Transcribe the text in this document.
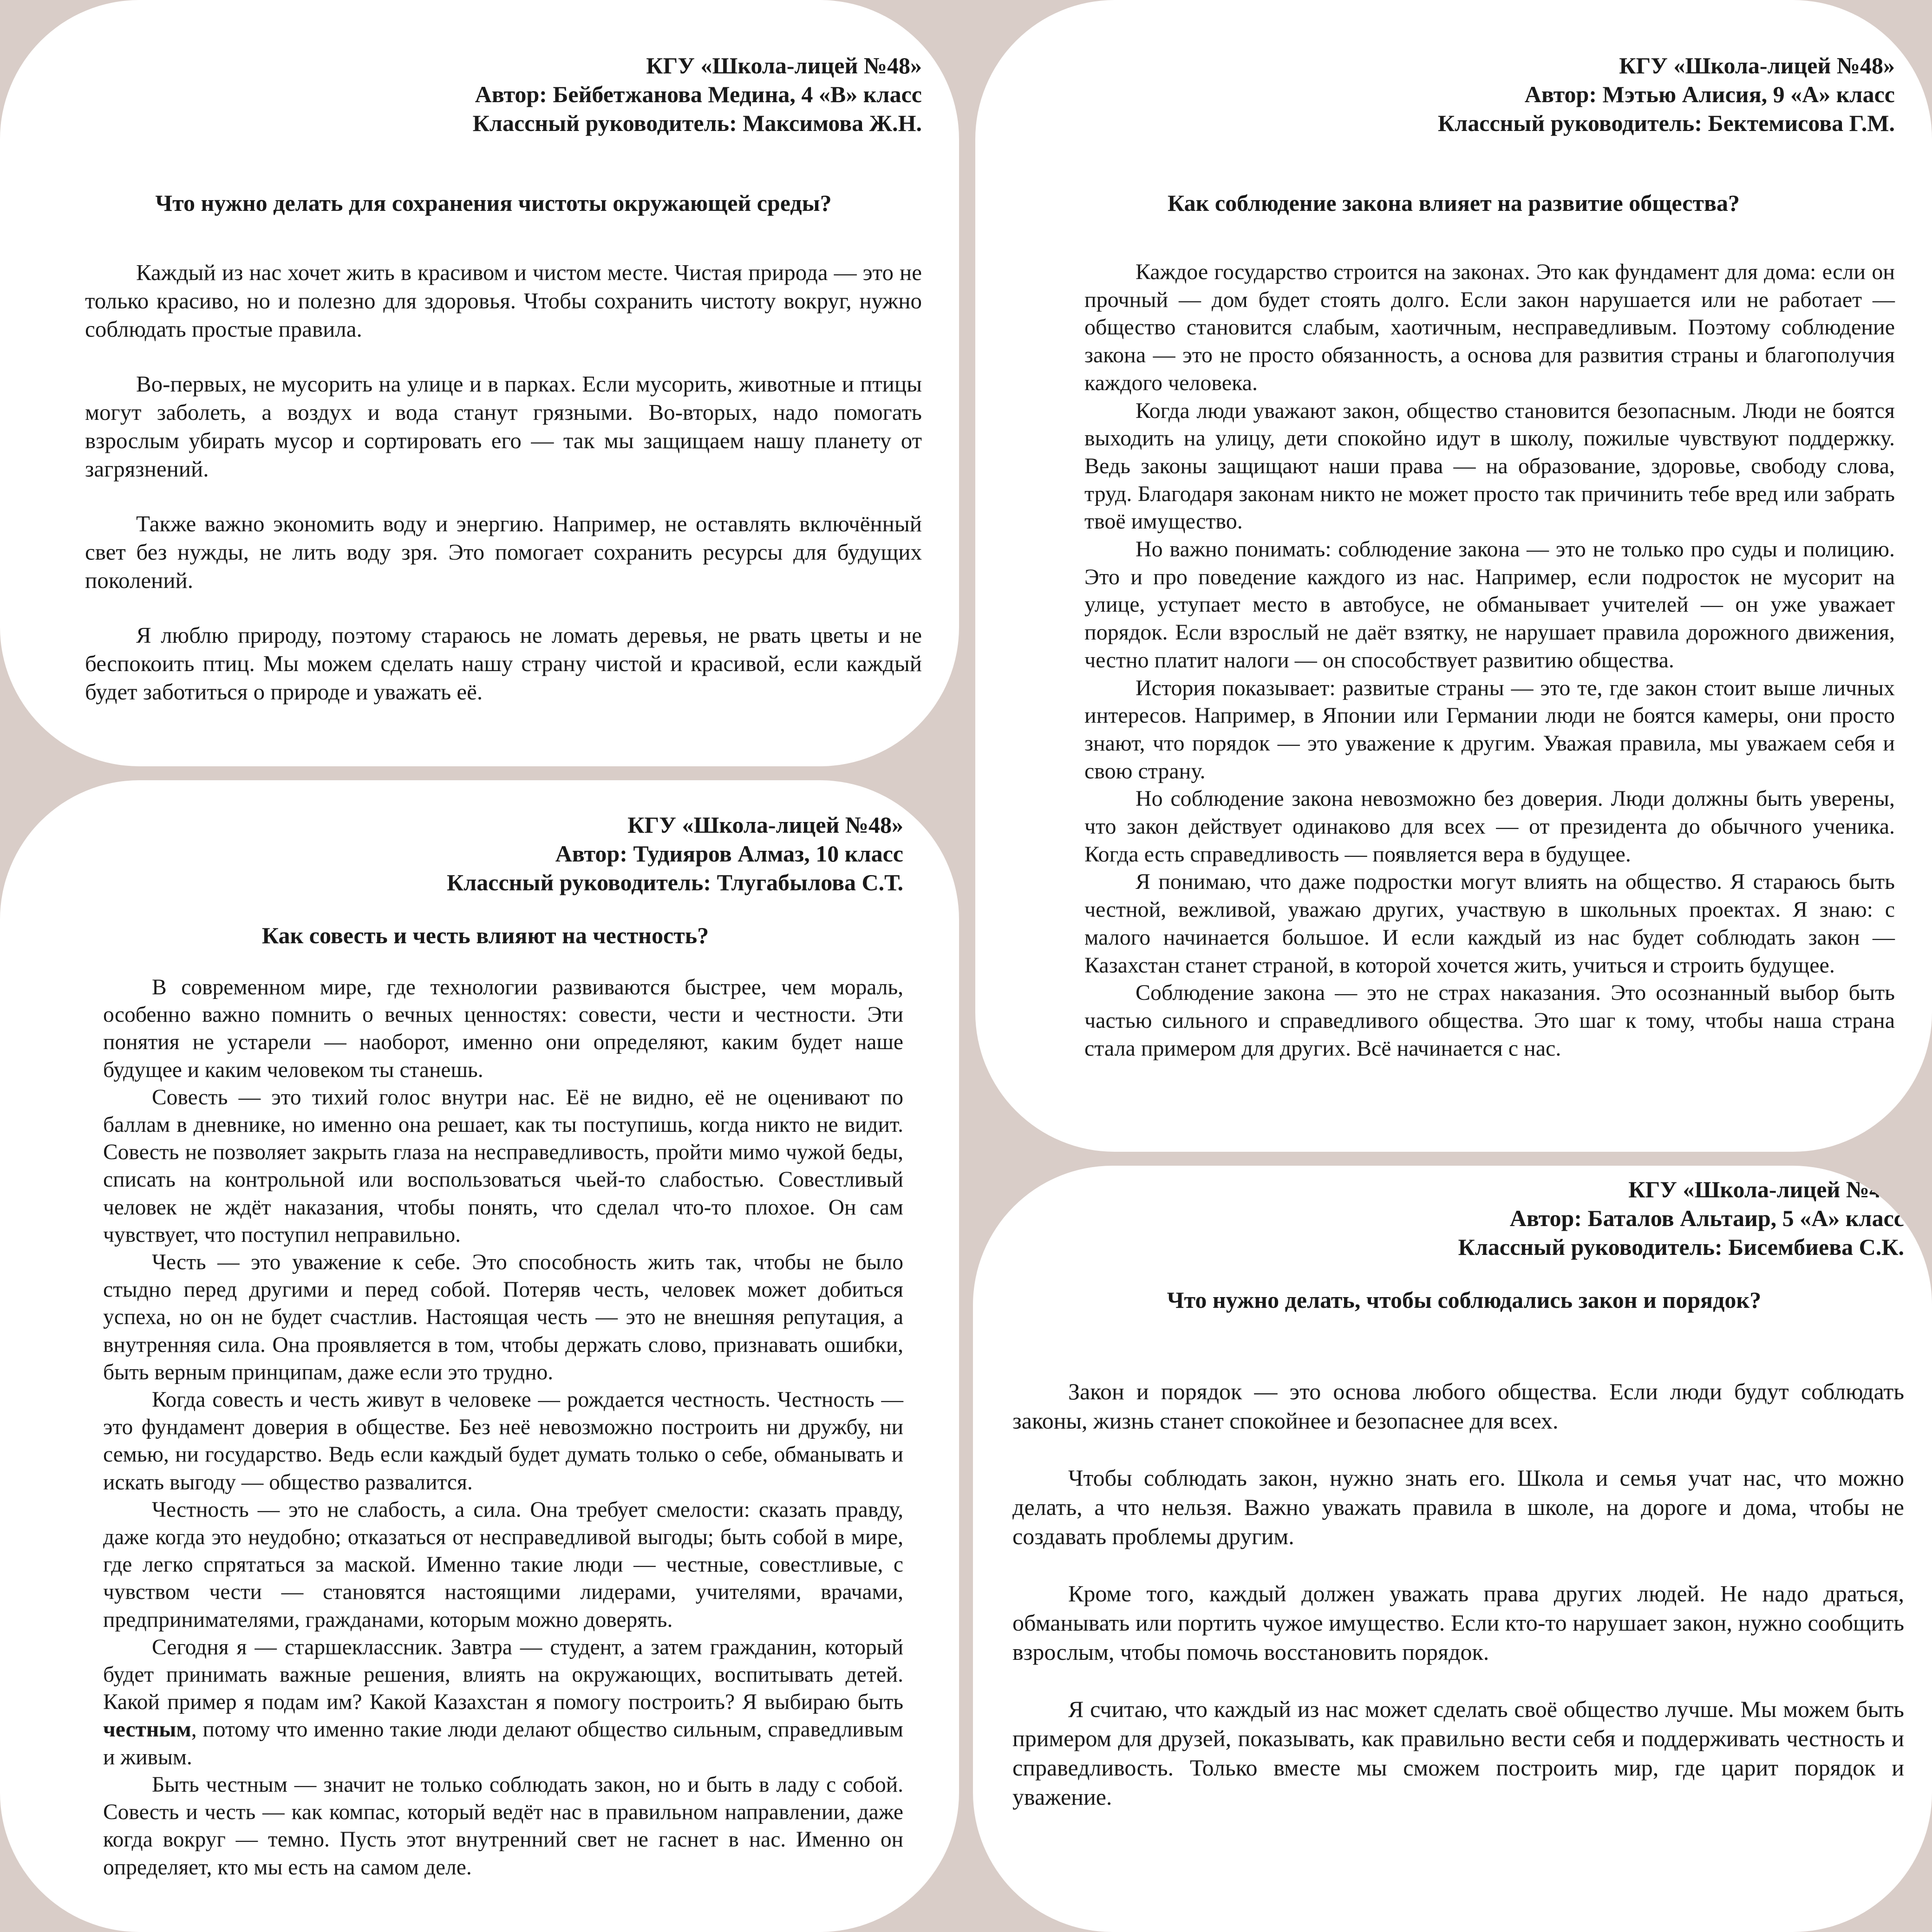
КГУ «Школа-лицей №48»
Автор: Бейбетжанова Медина, 4 «В» класс
Классный руководитель: Максимова Ж.Н.
Что нужно делать для сохранения чистоты окружающей среды?

Каждый из нас хочет жить в красивом и чистом месте. Чистая природа — это не только красиво, но и полезно для здоровья. Чтобы сохранить чистоту вокруг, нужно соблюдать простые правила.

Во-первых, не мусорить на улице и в парках. Если мусорить, животные и птицы могут заболеть, а воздух и вода станут грязными. Во-вторых, надо помогать взрослым убирать мусор и сортировать его — так мы защищаем нашу планету от загрязнений.

Также важно экономить воду и энергию. Например, не оставлять включённый свет без нужды, не лить воду зря. Это помогает сохранить ресурсы для будущих поколений.

Я люблю природу, поэтому стараюсь не ломать деревья, не рвать цветы и не беспокоить птиц. Мы можем сделать нашу страну чистой и красивой, если каждый будет заботиться о природе и уважать её.

КГУ «Школа-лицей №48»
Автор: Мэтью Алисия, 9 «А» класс
Классный руководитель: Бектемисова Г.М.
Как соблюдение закона влияет на развитие общества?

Каждое государство строится на законах. Это как фундамент для дома: если он прочный — дом будет стоять долго. Если закон нарушается или не работает — общество становится слабым, хаотичным, несправедливым. Поэтому соблюдение закона — это не просто обязанность, а основа для развития страны и благополучия каждого человека.

Когда люди уважают закон, общество становится безопасным. Люди не боятся выходить на улицу, дети спокойно идут в школу, пожилые чувствуют поддержку. Ведь законы защищают наши права — на образование, здоровье, свободу слова, труд. Благодаря законам никто не может просто так причинить тебе вред или забрать твоё имущество.

Но важно понимать: соблюдение закона — это не только про суды и полицию. Это и про поведение каждого из нас. Например, если подросток не мусорит на улице, уступает место в автобусе, не обманывает учителей — он уже уважает порядок. Если взрослый не даёт взятку, не нарушает правила дорожного движения, честно платит налоги — он способствует развитию общества.

История показывает: развитые страны — это те, где закон стоит выше личных интересов. Например, в Японии или Германии люди не боятся камеры, они просто знают, что порядок — это уважение к другим. Уважая правила, мы уважаем себя и свою страну.

Но соблюдение закона невозможно без доверия. Люди должны быть уверены, что закон действует одинаково для всех — от президента до обычного ученика. Когда есть справедливость — появляется вера в будущее.

Я понимаю, что даже подростки могут влиять на общество. Я стараюсь быть честной, вежливой, уважаю других, участвую в школьных проектах. Я знаю: с малого начинается большое. И если каждый из нас будет соблюдать закон — Казахстан станет страной, в которой хочется жить, учиться и строить будущее.

Соблюдение закона — это не страх наказания. Это осознанный выбор быть частью сильного и справедливого общества. Это шаг к тому, чтобы наша страна стала примером для других. Всё начинается с нас.

КГУ «Школа-лицей №48»
Автор: Тудияров Алмаз, 10 класс
Классный руководитель: Тлугабылова С.Т.
Как совесть и честь влияют на честность?

В современном мире, где технологии развиваются быстрее, чем мораль, особенно важно помнить о вечных ценностях: совести, чести и честности. Эти понятия не устарели — наоборот, именно они определяют, каким будет наше будущее и каким человеком ты станешь.

Совесть — это тихий голос внутри нас. Её не видно, её не оценивают по баллам в дневнике, но именно она решает, как ты поступишь, когда никто не видит. Совесть не позволяет закрыть глаза на несправедливость, пройти мимо чужой беды, списать на контрольной или воспользоваться чьей-то слабостью. Совестливый человек не ждёт наказания, чтобы понять, что сделал что-то плохое. Он сам чувствует, что поступил неправильно.

Честь — это уважение к себе. Это способность жить так, чтобы не было стыдно перед другими и перед собой. Потеряв честь, человек может добиться успеха, но он не будет счастлив. Настоящая честь — это не внешняя репутация, а внутренняя сила. Она проявляется в том, чтобы держать слово, признавать ошибки, быть верным принципам, даже если это трудно.

Когда совесть и честь живут в человеке — рождается честность. Честность — это фундамент доверия в обществе. Без неё невозможно построить ни дружбу, ни семью, ни государство. Ведь если каждый будет думать только о себе, обманывать и искать выгоду — общество развалится.

Честность — это не слабость, а сила. Она требует смелости: сказать правду, даже когда это неудобно; отказаться от несправедливой выгоды; быть собой в мире, где легко спрятаться за маской. Именно такие люди — честные, совестливые, с чувством чести — становятся настоящими лидерами, учителями, врачами, предпринимателями, гражданами, которым можно доверять.

Сегодня я — старшеклассник. Завтра — студент, а затем гражданин, который будет принимать важные решения, влиять на окружающих, воспитывать детей. Какой пример я подам им? Какой Казахстан я помогу построить? Я выбираю быть честным, потому что именно такие люди делают общество сильным, справедливым и живым.

Быть честным — значит не только соблюдать закон, но и быть в ладу с собой. Совесть и честь — как компас, который ведёт нас в правильном направлении, даже когда вокруг — темно. Пусть этот внутренний свет не гаснет в нас. Именно он определяет, кто мы есть на самом деле.

КГУ «Школа-лицей №48»
Автор: Баталов Альтаир, 5 «А» класс
Классный руководитель: Бисембиева С.К.
Что нужно делать, чтобы соблюдались закон и порядок?

Закон и порядок — это основа любого общества. Если люди будут соблюдать законы, жизнь станет спокойнее и безопаснее для всех.

Чтобы соблюдать закон, нужно знать его. Школа и семья учат нас, что можно делать, а что нельзя. Важно уважать правила в школе, на дороге и дома, чтобы не создавать проблемы другим.

Кроме того, каждый должен уважать права других людей. Не надо драться, обманывать или портить чужое имущество. Если кто-то нарушает закон, нужно сообщить взрослым, чтобы помочь восстановить порядок.

Я считаю, что каждый из нас может сделать своё общество лучше. Мы можем быть примером для друзей, показывать, как правильно вести себя и поддерживать честность и справедливость. Только вместе мы сможем построить мир, где царит порядок и уважение.
